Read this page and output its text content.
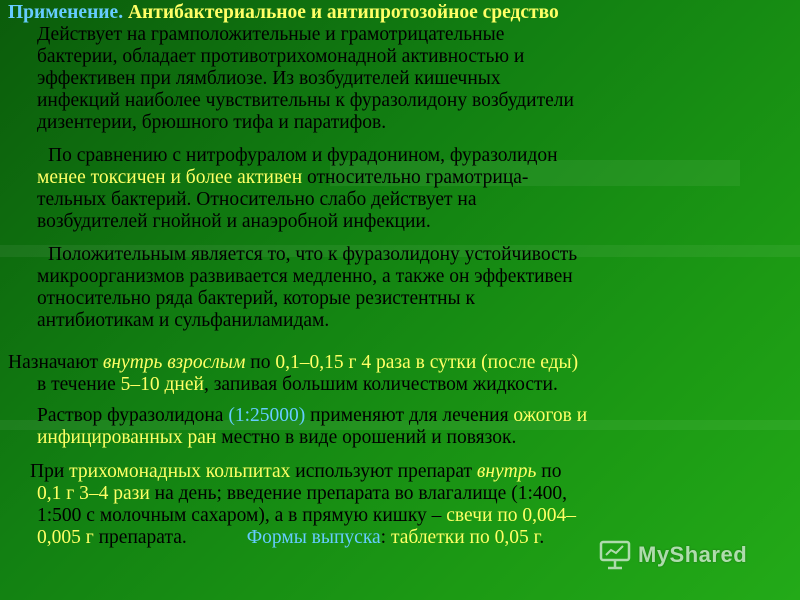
Применение. Антибактериальное и антипротозойное средство
Действует на грамположительные и грамотрицательные
бактерии, обладает противотрихомонадной активностью и
эффективен при лямблиозе. Из возбудителей кишечных
инфекций наиболее чувствительны к фуразолидону возбудители
дизентерии, брюшного тифа и паратифов.
По сравнению с нитрофуралом и фурадонином, фуразолидон
менее токсичен и более активен относительно грамотрица-
тельных бактерий. Относительно слабо действует на
возбудителей гнойной и анаэробной инфекции.
Положительным является то, что к фуразолидону устойчивость
микроорганизмов развивается медленно, а также он эффективен
относительно ряда бактерий, которые резистентны к
антибиотикам и сульфаниламидам.
Назначают внутрь взрослым по 0,1–0,15 г 4 раза в сутки (после еды)
в течение 5–10 дней, запивая большим количеством жидкости.
Раствор фуразолидона (1:25000) применяют для лечения ожогов и
инфицированных ран местно в виде орошений и повязок.
При трихомонадных кольпитах используют препарат внутрь по
0,1 г 3–4 рази на день; введение препарата во влагалище (1:400,
1:500 с молочным сахаром), а в прямую кишку – свечи по 0,004–
0,005 г препарата.	Формы выпуска: таблетки по 0,05 г.
MyShared
